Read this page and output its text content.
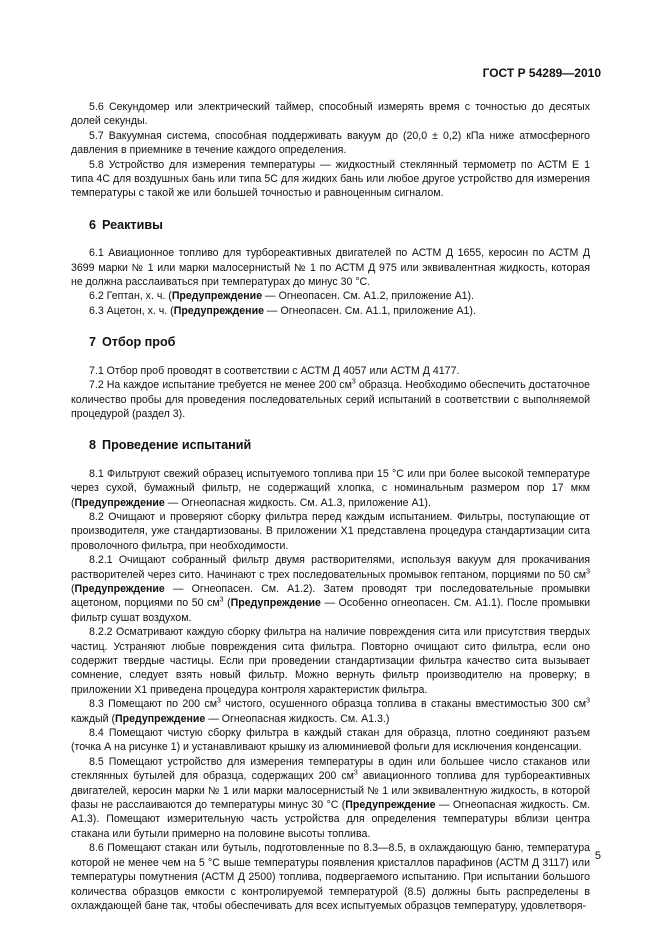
ГОСТ Р 54289—2010

5.6 Секундомер или электрический таймер, способный измерять время с точностью до десятых долей секунды.

5.7 Вакуумная система, способная поддерживать вакуум до (20,0 ± 0,2) кПа ниже атмосферного давления в приемнике в течение каждого определения.

5.8 Устройство для измерения температуры — жидкостный стеклянный термометр по АСТМ Е 1 типа 4С для воздушных бань или типа 5С для жидких бань или любое другое устройство для измерения температуры с такой же или большей точностью и равноценным сигналом.

6 Реактивы

6.1 Авиационное топливо для турбореактивных двигателей по АСТМ Д 1655, керосин по АСТМ Д 3699 марки № 1 или марки малосернистый № 1 по АСТМ Д 975 или эквивалентная жидкость, которая не должна расслаиваться при температурах до минус 30 °С.

6.2 Гептан, х. ч. (Предупреждение — Огнеопасен. См. А1.2, приложение А1).

6.3 Ацетон, х. ч. (Предупреждение — Огнеопасен. См. А1.1, приложение А1).

7 Отбор проб

7.1 Отбор проб проводят в соответствии с АСТМ Д 4057 или АСТМ Д 4177.

7.2 На каждое испытание требуется не менее 200 $см^3$ образца. Необходимо обеспечить достаточное количество пробы для проведения последовательных серий испытаний в соответствии с выполняемой процедурой (раздел 3).

8 Проведение испытаний

8.1 Фильтруют свежий образец испытуемого топлива при 15 °С или при более высокой температуре через сухой, бумажный фильтр, не содержащий хлопка, с номинальным размером пор 17 мкм (Предупреждение — Огнеопасная жидкость. См. А1.3, приложение А1).

8.2 Очищают и проверяют сборку фильтра перед каждым испытанием. Фильтры, поступающие от производителя, уже стандартизованы. В приложении X1 представлена процедура стандартизации сита проволочного фильтра, при необходимости.

8.2.1 Очищают собранный фильтр двумя растворителями, используя вакуум для прокачивания растворителей через сито. Начинают с трех последовательных промывок гептаном, порциями по 50 $см^3$ (Предупреждение — Огнеопасен. См. А1.2). Затем проводят три последовательные промывки ацетоном, порциями по 50 $см^3$ (Предупреждение — Особенно огнеопасен. См. А1.1). После промывки фильтр сушат воздухом.

8.2.2 Осматривают каждую сборку фильтра на наличие повреждения сита или присутствия твердых частиц. Устраняют любые повреждения сита фильтра. Повторно очищают сито фильтра, если оно содержит твердые частицы. Если при проведении стандартизации фильтра качество сита вызывает сомнение, следует взять новый фильтр. Можно вернуть фильтр производителю на проверку; в приложении X1 приведена процедура контроля характеристик фильтра.

8.3 Помещают по 200 $см^3$ чистого, осушенного образца топлива в стаканы вместимостью 300 $см^3$ каждый (Предупреждение — Огнеопасная жидкость. См. А1.3.)

8.4 Помещают чистую сборку фильтра в каждый стакан для образца, плотно соединяют разъем (точка А на рисунке 1) и устанавливают крышку из алюминиевой фольги для исключения конденсации.

8.5 Помещают устройство для измерения температуры в один или большее число стаканов или стеклянных бутылей для образца, содержащих 200 $см^3$ авиационного топлива для турбореактивных двигателей, керосин марки № 1 или марки малосернистый № 1 или эквивалентную жидкость, в которой фазы не расслаиваются до температуры минус 30 °С (Предупреждение — Огнеопасная жидкость. См. А1.3). Помещают измерительную часть устройства для определения температуры вблизи центра стакана или бутыли примерно на половине высоты топлива.

8.6 Помещают стакан или бутыль, подготовленные по 8.3—8.5, в охлаждающую баню, температура которой не менее чем на 5 °С выше температуры появления кристаллов парафинов (АСТМ Д 3117) или температуры помутнения (АСТМ Д 2500) топлива, подвергаемого испытанию. При испытании большого количества образцов емкости с контролируемой температурой (8.5) должны быть распределены в охлаждающей бане так, чтобы обеспечивать для всех испытуемых образцов температуру, удовлетворя-

5
